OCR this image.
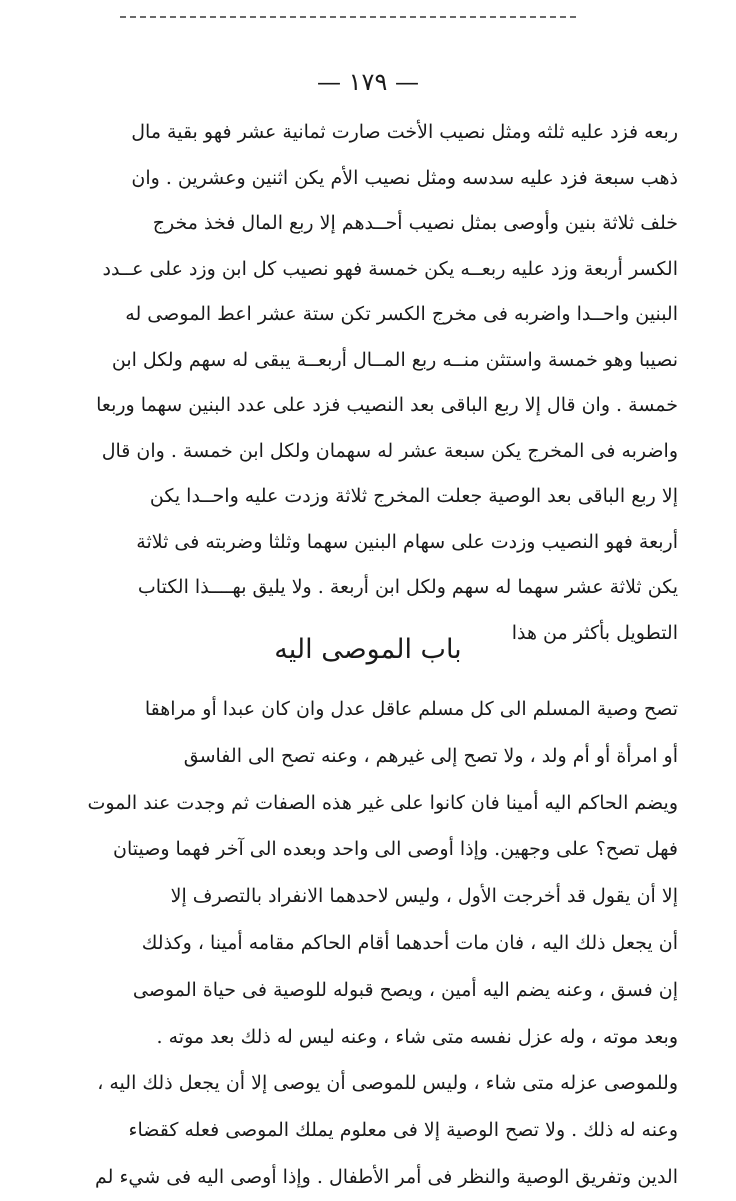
— ١٧٩ —
ربعه فزد عليه ثلثه ومثل نصيب الأخت صارت ثمانية عشر فهو بقية مال
ذهب سبعة فزد عليه سدسه ومثل نصيب الأم يكن اثنين وعشرين . وان
خلف ثلاثة بنين وأوصى بمثل نصيب أحــدهم إلا ربع المال فخذ مخرج
الكسر أربعة وزد عليه ربعــه يكن خمسة فهو نصيب كل ابن وزد على عــدد
البنين واحــدا واضربه فى مخرج الكسر تكن ستة عشر اعط الموصى له
نصيبا وهو خمسة واستثن منــه ربع المــال أربعــة يبقى له سهم ولكل ابن
خمسة . وان قال إلا ربع الباقى بعد النصيب فزد على عدد البنين سهما وربعا
واضربه فى المخرج يكن سبعة عشر له سهمان ولكل ابن خمسة . وان قال
إلا ربع الباقى بعد الوصية جعلت المخرج ثلاثة وزدت عليه واحــدا يكن
أربعة فهو النصيب وزدت على سهام البنين سهما وثلثا وضربته فى ثلاثة
يكن ثلاثة عشر سهما له سهم ولكل ابن أربعة . ولا يليق بهــــذا الكتاب
التطويل بأكثر من هذا
باب الموصى اليه
تصح وصية المسلم الى كل مسلم عاقل عدل وان كان عبدا أو مراهقا
أو امرأة أو أم ولد ، ولا تصح إلى غيرهم ، وعنه تصح الى الفاسق
ويضم الحاكم اليه أمينا فان كانوا على غير هذه الصفات ثم وجدت عند الموت
فهل تصح؟ على وجهين. وإذا أوصى الى واحد وبعده الى آخر فهما وصيتان
إلا أن يقول قد أخرجت الأول ، وليس لاحدهما الانفراد بالتصرف إلا
أن يجعل ذلك اليه ، فان مات أحدهما أقام الحاكم مقامه أمينا ، وكذلك
إن فسق ، وعنه يضم اليه أمين ، ويصح قبوله للوصية فى حياة الموصى
وبعد موته ، وله عزل نفسه متى شاء ، وعنه ليس له ذلك بعد موته .
وللموصى عزله متى شاء ، وليس للموصى أن يوصى إلا أن يجعل ذلك اليه ،
وعنه له ذلك . ولا تصح الوصية إلا فى معلوم يملك الموصى فعله كقضاء
الدين وتفريق الوصية والنظر فى أمر الأطفال . وإذا أوصى اليه فى شيء لم
